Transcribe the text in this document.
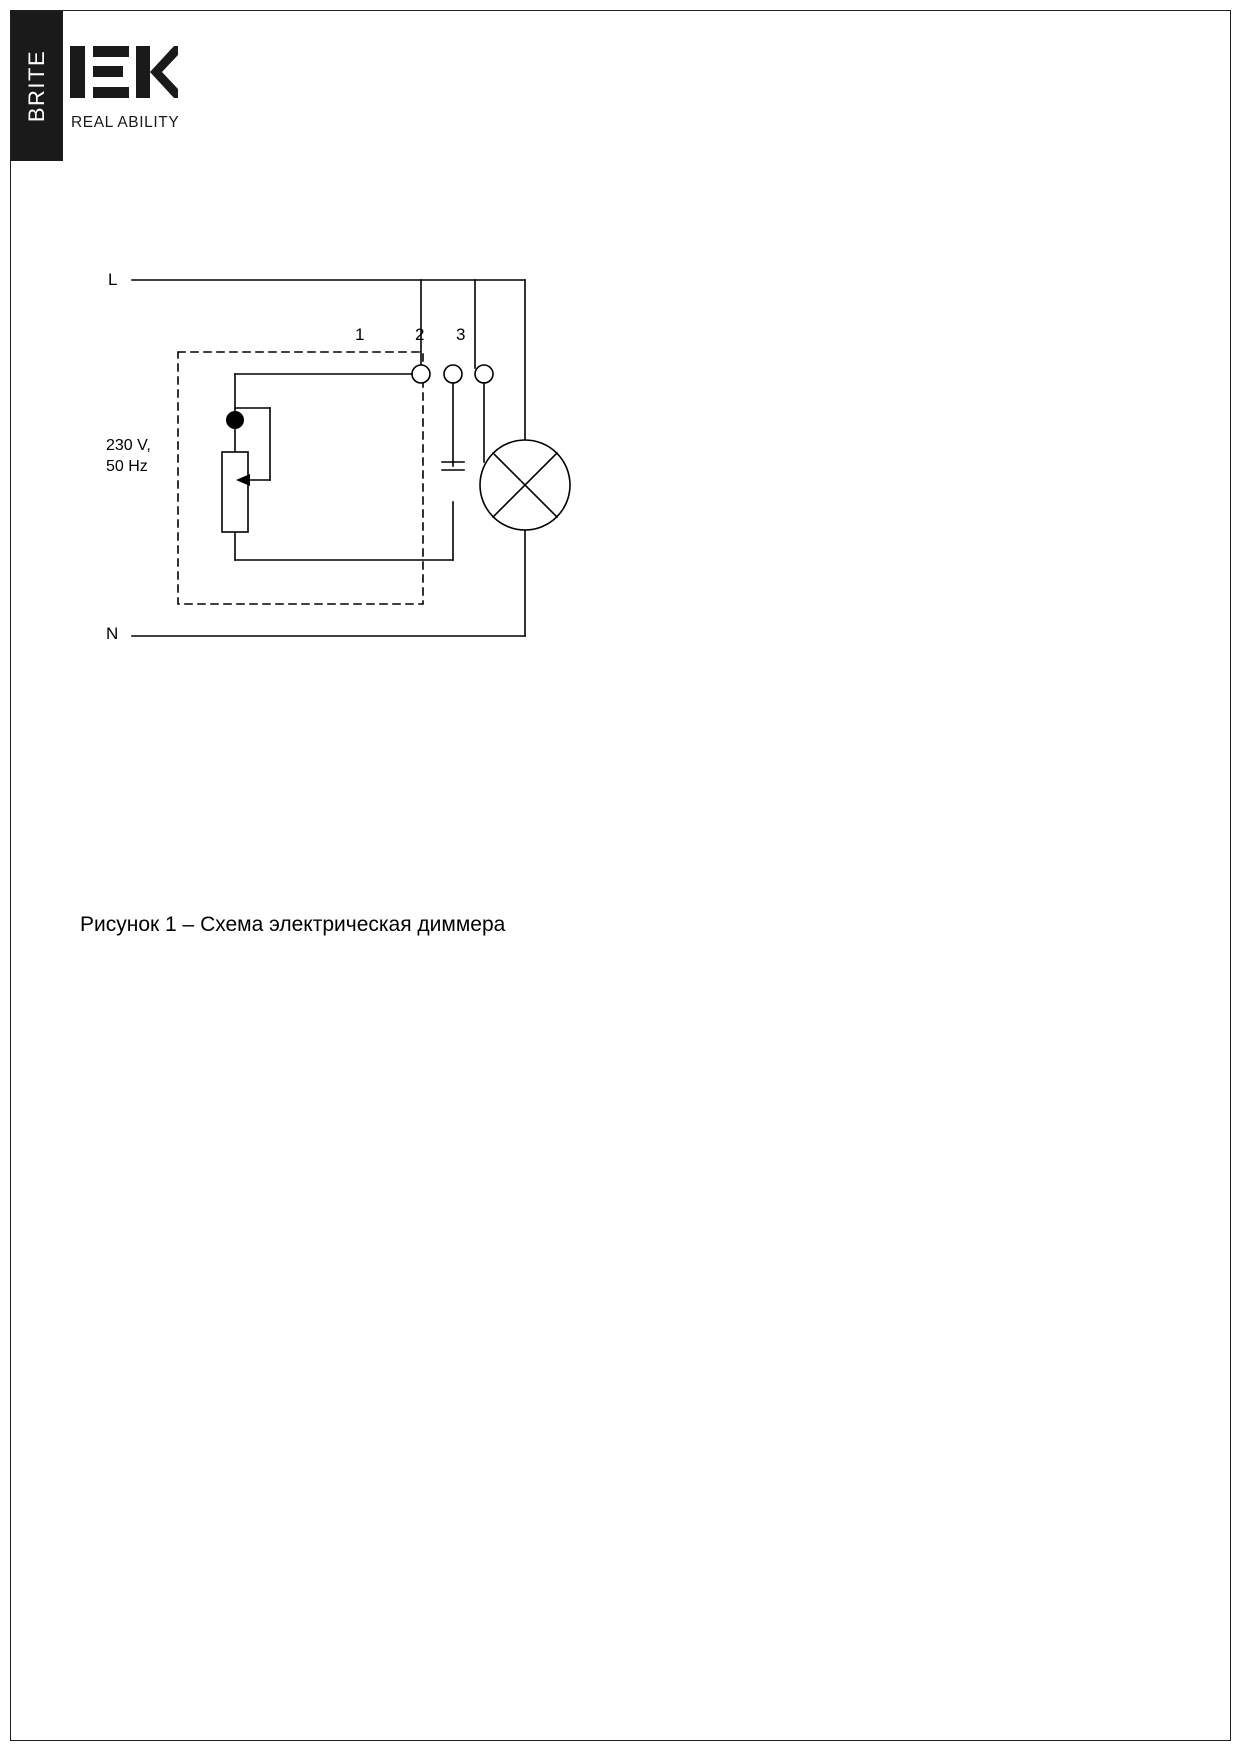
BRITE
REAL ABILITY
L
N
1	2 3
230 V,
50 Hz
Рисунок 1 – Схема электрическая диммера
